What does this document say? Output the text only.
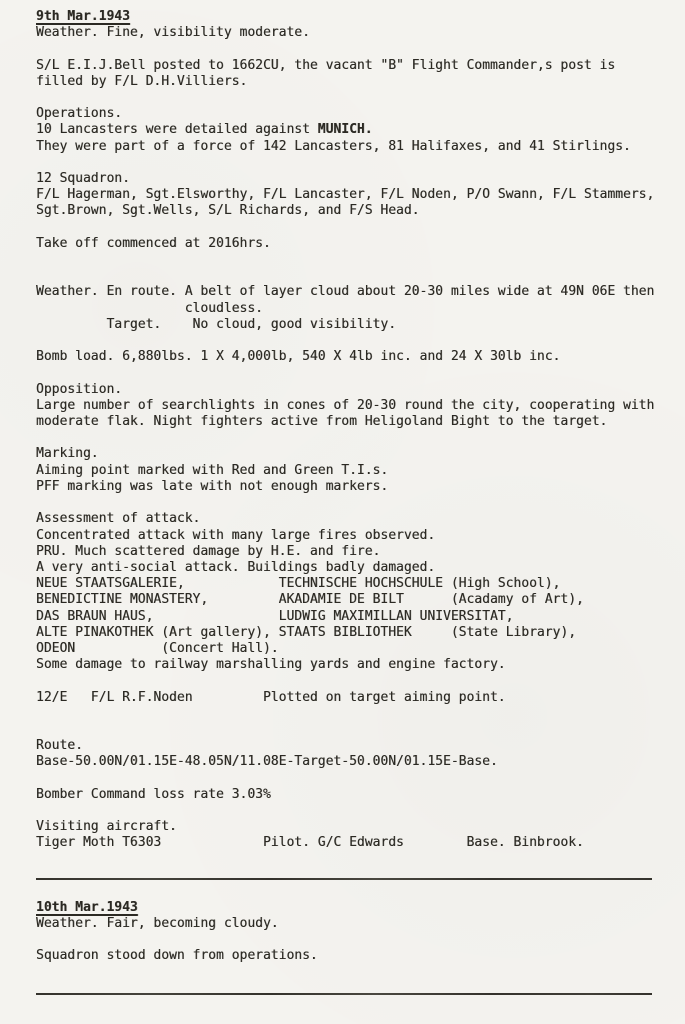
9th Mar.1943
Weather. Fine, visibility moderate.

S/L E.I.J.Bell posted to 1662CU, the vacant "B" Flight Commander,s post is
filled by F/L D.H.Villiers.

Operations.
10 Lancasters were detailed against MUNICH.
They were part of a force of 142 Lancasters, 81 Halifaxes, and 41 Stirlings.

12 Squadron.
F/L Hagerman, Sgt.Elsworthy, F/L Lancaster, F/L Noden, P/O Swann, F/L Stammers,
Sgt.Brown, Sgt.Wells, S/L Richards, and F/S Head.

Take off commenced at 2016hrs.

Weather. En route. A belt of layer cloud about 20-30 miles wide at 49N 06E then
cloudless.
Target.    No cloud, good visibility.

Bomb load. 6,880lbs. 1 X 4,000lb, 540 X 4lb inc. and 24 X 30lb inc.

Opposition.
Large number of searchlights in cones of 20-30 round the city, cooperating with
moderate flak. Night fighters active from Heligoland Bight to the target.

Marking.
Aiming point marked with Red and Green T.I.s.
PFF marking was late with not enough markers.

Assessment of attack.
Concentrated attack with many large fires observed.
PRU. Much scattered damage by H.E. and fire.
A very anti-social attack. Buildings badly damaged.
NEUE STAATSGALERIE,            TECHNISCHE HOCHSCHULE (High School),
BENEDICTINE MONASTERY,         AKADAMIE DE BILT      (Acadamy of Art),
DAS BRAUN HAUS,                LUDWIG MAXIMILLAN UNIVERSITAT,
ALTE PINAKOTHEK (Art gallery), STAATS BIBLIOTHEK     (State Library),
ODEON           (Concert Hall).
Some damage to railway marshalling yards and engine factory.

12/E   F/L R.F.Noden         Plotted on target aiming point.

Route.
Base-50.00N/01.15E-48.05N/11.08E-Target-50.00N/01.15E-Base.

Bomber Command loss rate 3.03%

Visiting aircraft.
Tiger Moth T6303             Pilot. G/C Edwards        Base. Binbrook.
10th Mar.1943
Weather. Fair, becoming cloudy.

Squadron stood down from operations.
